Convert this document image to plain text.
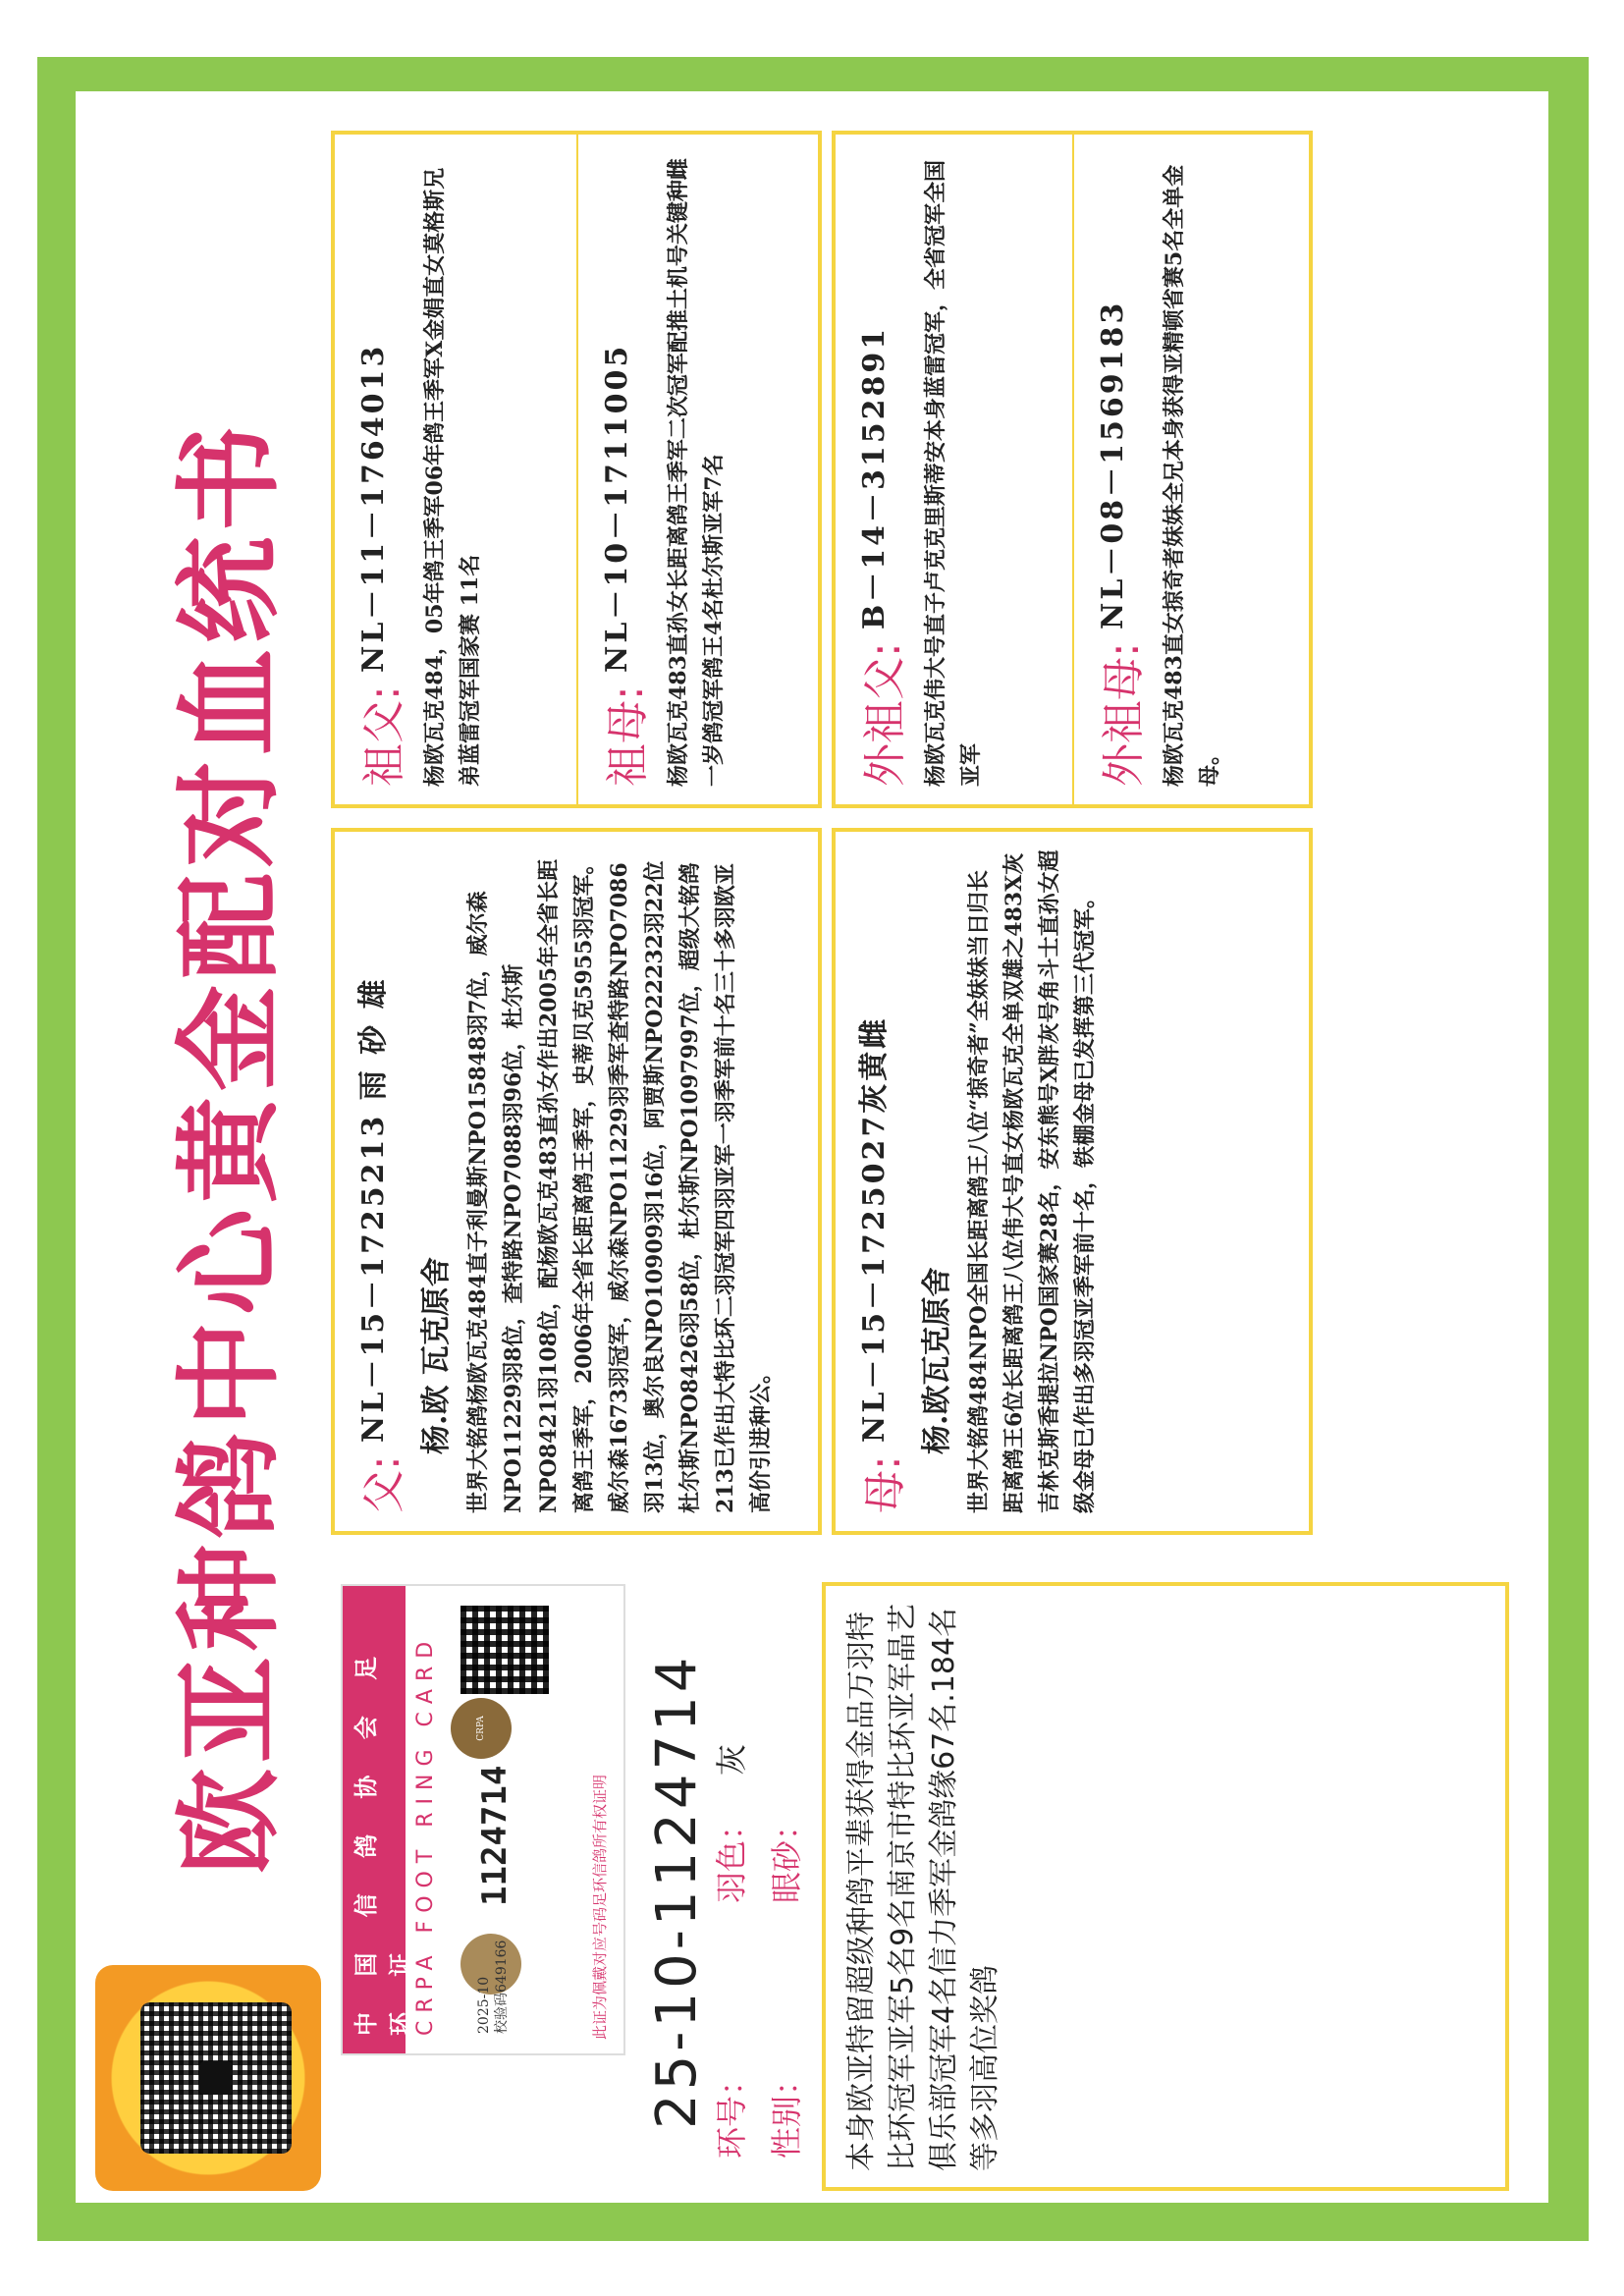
欧亚种鸽中心黄金配对血统书	中 国 信 鸽 协 会 足 环 证 CRPA FOOT RING CARD	CRPA
2025-10 校验码649166
1124714	此证为佩戴对应号码足环信鸽所有权证明 25-10-1124714 环号：
羽色：
灰
性别：
眼砂：	本身欧亚特留超级种鸽平辈获得金品万羽特比环冠军亚军5名9名南京市特比环亚军晶艺俱乐部冠军4名信力季军金鸽缘67名.184名等多羽高位奖鸽
父: NL－15－1725213 雨 砂 雄 杨.欧 瓦克原舍 世界大铭鸽杨欧瓦克484直子利曼斯NPO15848羽7位，威尔森NPO11229羽8位，查特路NPO7088羽96位，杜尔斯NPO8421羽108位，配杨欧瓦克483直孙女作出2005年全省长距离鸽王季军，2006年全省长距离鸽王季军，史蒂贝克5955羽冠军。威尔森1673羽冠军，威尔森NPO11229羽季军查特路NPO7086羽13位，奥尔良NPO10909羽16位，阿贾斯NPO22232羽22位杜尔斯NPO8426羽58位，杜尔斯NPO1097997位，超级大铭鸽213已作出大特比环二羽冠军四羽亚军一羽季军前十名三十多羽欧亚高价引进种公。	母: NL－15－1725027灰黄雌 杨.欧瓦克原舍 世界大铭鸽484NPO全国长距离鸽王八位“掠奇者”全妹妹当日归长距离鸽王6位长距离鸽王八位伟大号直女杨欧瓦克全单双雄之483X灰吉林克斯香提拉NPO国家赛28名，安东熊号X胖灰号角斗士直孙女超级金母已作出多羽冠亚季军前十名，铁棚金母已发挥第三代冠军。
祖父: NL－11－1764013 杨欧瓦克484，05年鸽王季军06年鸽王季军X金娟直女莫格斯兄弟蓝雷冠军国家赛 11名	祖母: NL－10－1711005 杨欧瓦克483直孙女长距离鸽王季军二次冠军配推土机号关键种雌一岁鸽冠军鸽王4名杜尔斯亚军7名	外祖父: B－14－3152891 杨欧瓦克伟大号直子卢克克里斯蒂安本身蓝雷冠军，全省冠军全国亚军	外祖母: NL－08－1569183 杨欧瓦克483直女掠奇者妹妹全兄本身获得亚精顿省赛5名全单金母。
